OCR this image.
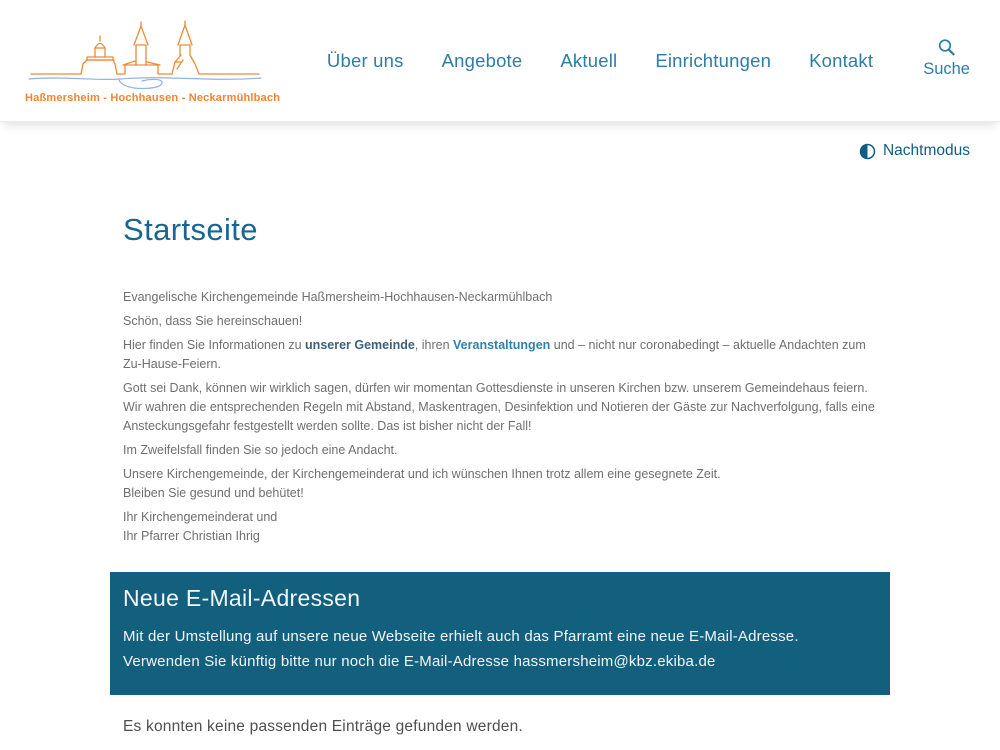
Haßmersheim - Hochhausen - Neckarmühlbach
Über uns Angebote Aktuell Einrichtungen Kontakt	Suche
Nachtmodus
Startseite

Evangelische Kirchengemeinde Haßmersheim-Hochhausen-Neckarmühlbach

Schön, dass Sie hereinschauen!

Hier finden Sie Informationen zu unserer Gemeinde, ihren Veranstaltungen und – nicht nur coronabedingt – aktuelle Andachten zum Zu-Hause-Feiern.

Gott sei Dank, können wir wirklich sagen, dürfen wir momentan Gottesdienste in unseren Kirchen bzw. unserem Gemeindehaus feiern. Wir wahren die entsprechenden Regeln mit Abstand, Maskentragen, Desinfektion und Notieren der Gäste zur Nachverfolgung, falls eine Ansteckungsgefahr festgestellt werden sollte. Das ist bisher nicht der Fall!

Im Zweifelsfall finden Sie so jedoch eine Andacht.

Unsere Kirchengemeinde, der Kirchengemeinderat und ich wünschen Ihnen trotz allem eine gesegnete Zeit.
Bleiben Sie gesund und behütet!

Ihr Kirchengemeinderat und
Ihr Pfarrer Christian Ihrig

Neue E-Mail-Adressen

Mit der Umstellung auf unsere neue Webseite erhielt auch das Pfarramt eine neue E-Mail-Adresse.
Verwenden Sie künftig bitte nur noch die E-Mail-Adresse hassmersheim@kbz.ekiba.de

Es konnten keine passenden Einträge gefunden werden.
